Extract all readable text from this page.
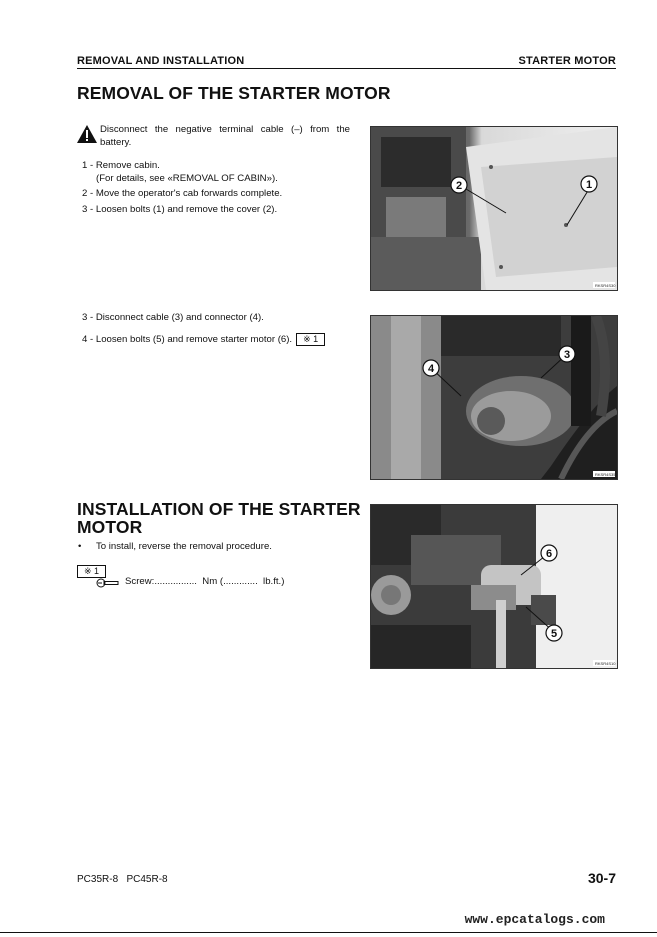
REMOVAL AND INSTALLATION	STARTER MOTOR
REMOVAL OF THE STARTER MOTOR
Disconnect the negative terminal cable (–) from the battery.
1 - Remove cabin.
(For details, see «REMOVAL OF CABIN»).
2 - Move the operator's cab forwards complete.
3 - Loosen bolts (1) and remove the cover (2).
2	1
RKSR4S30
3 - Disconnect cable (3) and connector (4).
4 - Loosen bolts (5) and remove starter motor (6). ※ 1
4
3
RKSR4S35
INSTALLATION OF THE STARTER
MOTOR
• To install, reverse the removal procedure.
※ 1
Screw:................  Nm (.............  lb.ft.)
6
5
RKSR4S10
PC35R-8   PC45R-8	30-7
www.epcatalogs.com
